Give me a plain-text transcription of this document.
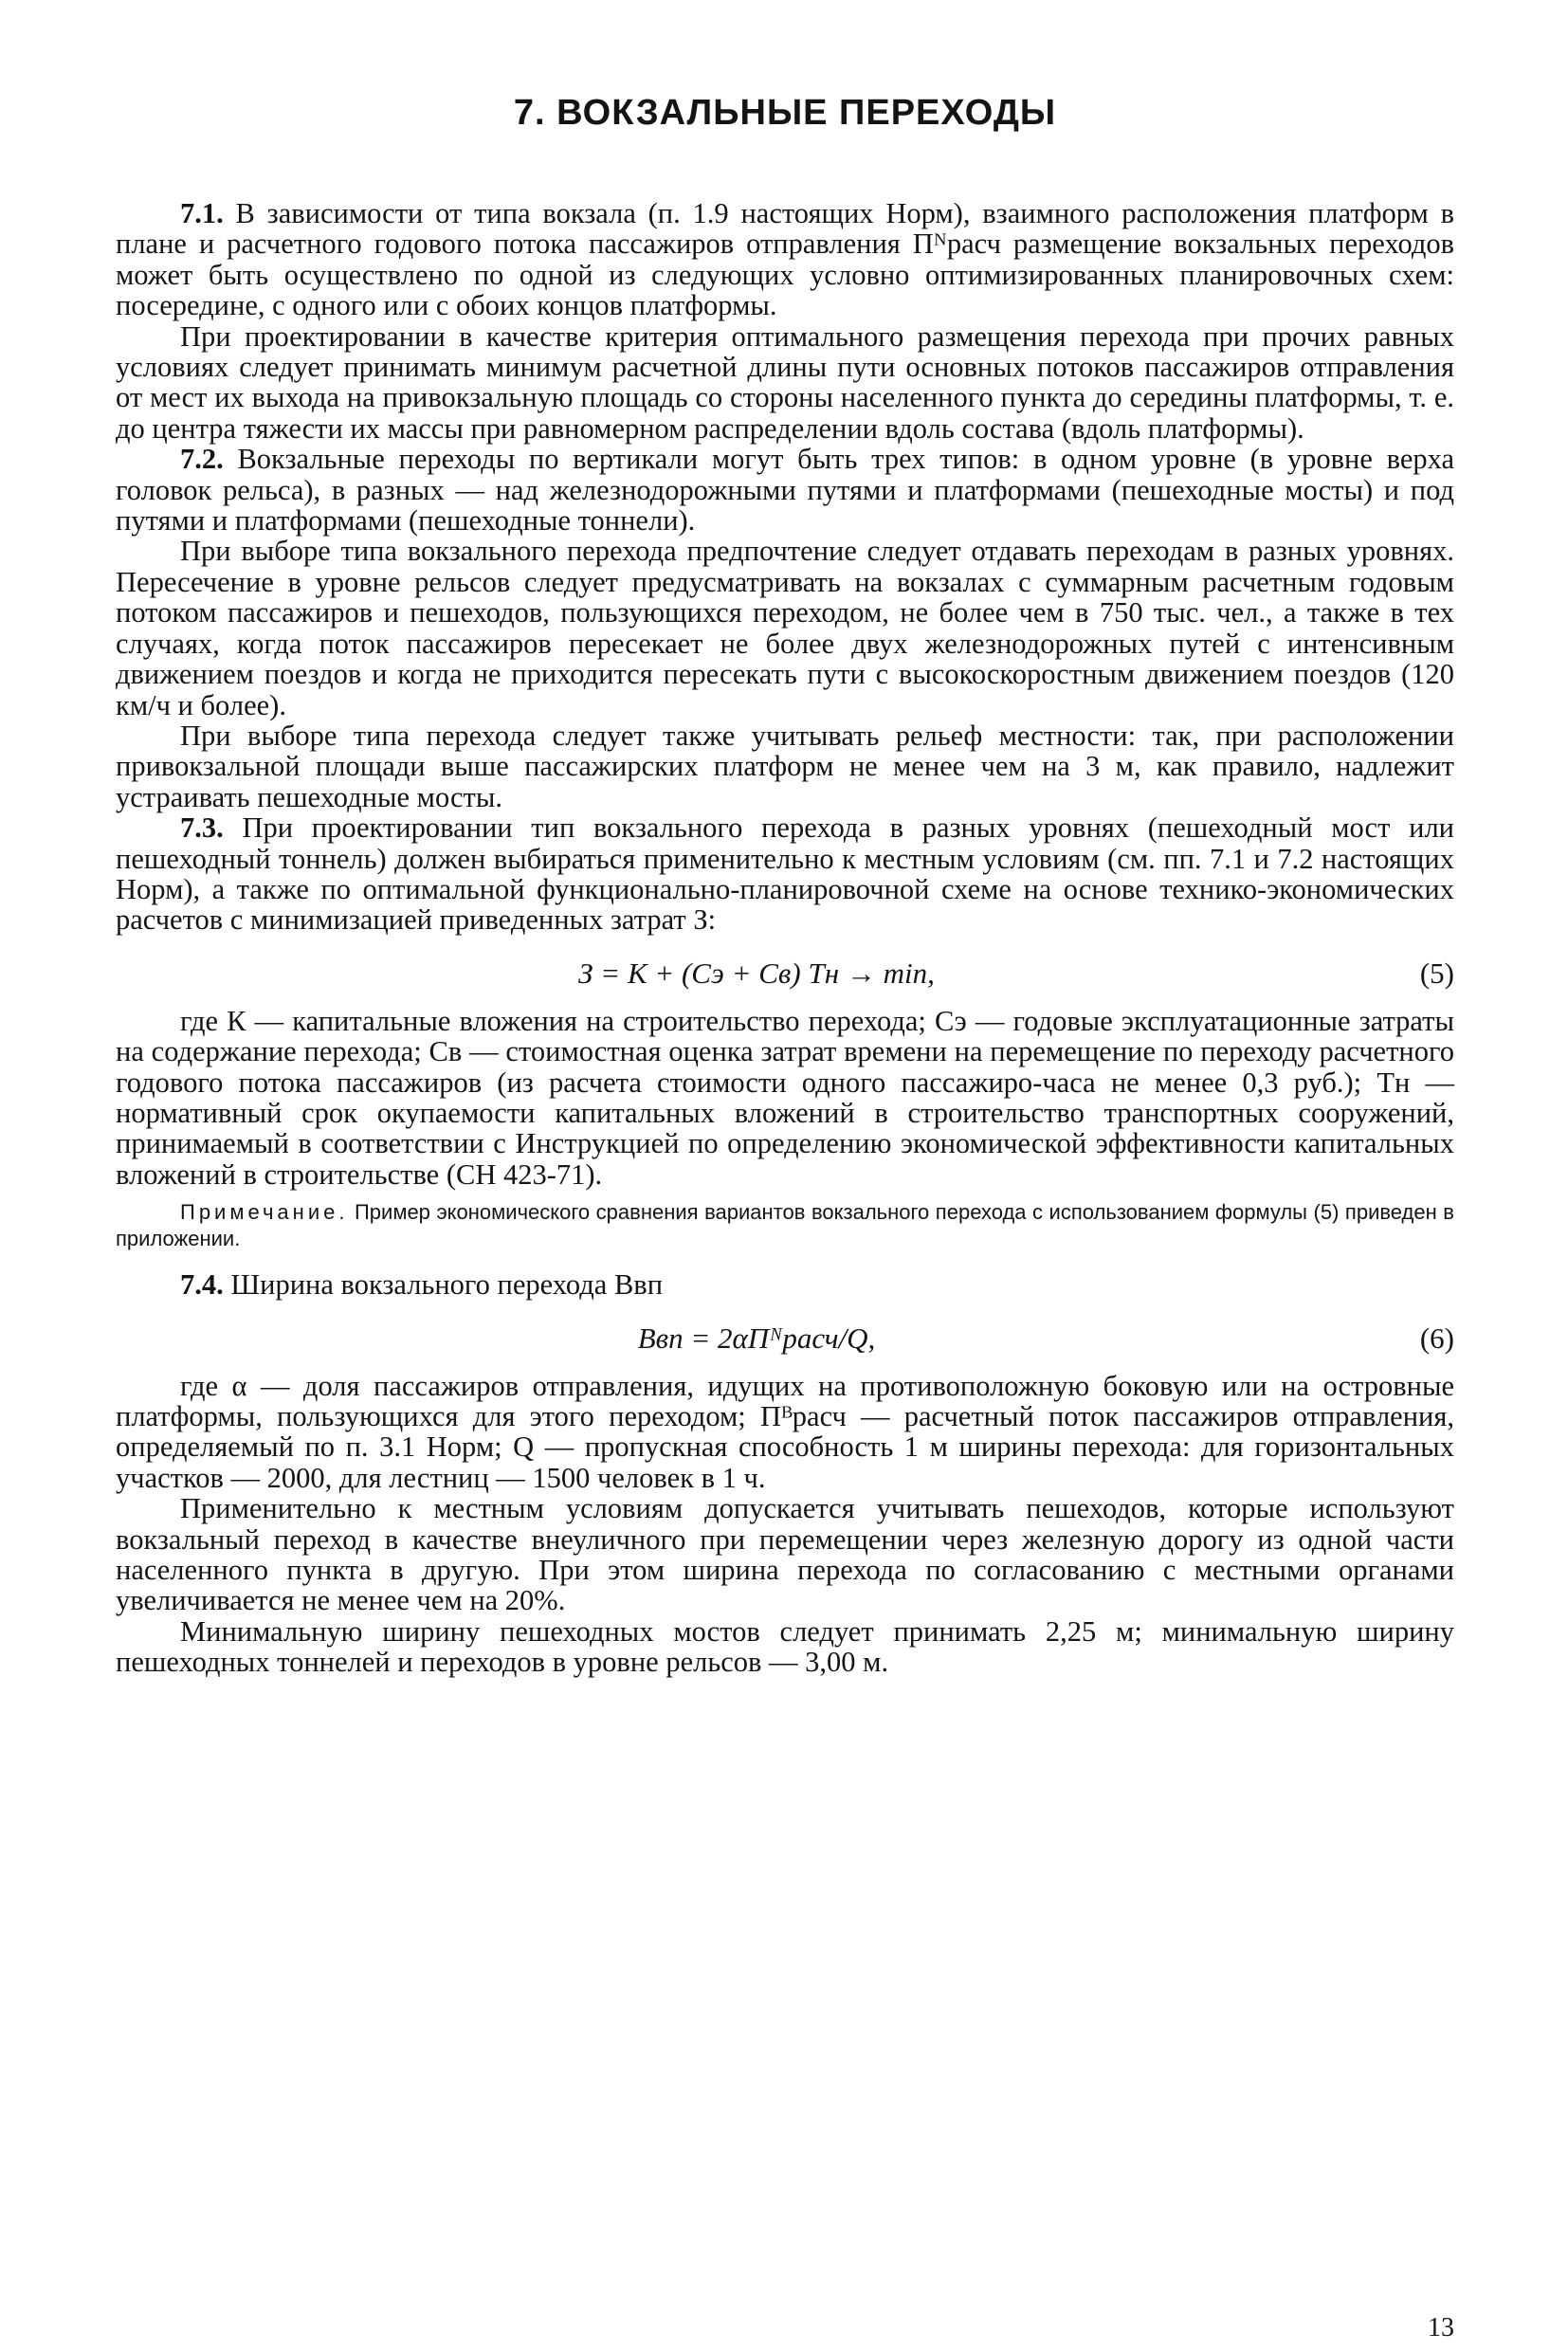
7. ВОКЗАЛЬНЫЕ ПЕРЕХОДЫ

7.1. В зависимости от типа вокзала (п. 1.9 настоящих Норм), взаимного расположения платформ в плане и расчетного годового потока пассажиров отправления Пᴺрасч размещение вокзальных переходов может быть осуществлено по одной из следующих условно оптимизированных планировочных схем: посередине, с одного или с обоих концов платформы.

При проектировании в качестве критерия оптимального размещения перехода при прочих равных условиях следует принимать минимум расчетной длины пути основных потоков пассажиров отправления от мест их выхода на привокзальную площадь со стороны населенного пункта до середины платформы, т. е. до центра тяжести их массы при равномерном распределении вдоль состава (вдоль платформы).

7.2. Вокзальные переходы по вертикали могут быть трех типов: в одном уровне (в уровне верха головок рельса), в разных — над железнодорожными путями и платформами (пешеходные мосты) и под путями и платформами (пешеходные тоннели).

При выборе типа вокзального перехода предпочтение следует отдавать переходам в разных уровнях. Пересечение в уровне рельсов следует предусматривать на вокзалах с суммарным расчетным годовым потоком пассажиров и пешеходов, пользующихся переходом, не более чем в 750 тыс. чел., а также в тех случаях, когда поток пассажиров пересекает не более двух железнодорожных путей с интенсивным движением поездов и когда не приходится пересекать пути с высокоскоростным движением поездов (120 км/ч и более).

При выборе типа перехода следует также учитывать рельеф местности: так, при расположении привокзальной площади выше пассажирских платформ не менее чем на 3 м, как правило, надлежит устраивать пешеходные мосты.

7.3. При проектировании тип вокзального перехода в разных уровнях (пешеходный мост или пешеходный тоннель) должен выбираться применительно к местным условиям (см. пп. 7.1 и 7.2 настоящих Норм), а также по оптимальной функционально-планировочной схеме на основе технико-экономических расчетов с минимизацией приведенных затрат З:

З = К + (Сэ + Св) Тн → min,	(5)

где К — капитальные вложения на строительство перехода; Сэ — годовые эксплуатационные затраты на содержание перехода; Св — стоимостная оценка затрат времени на перемещение по переходу расчетного годового потока пассажиров (из расчета стоимости одного пассажиро-часа не менее 0,3 руб.); Тн — нормативный срок окупаемости капитальных вложений в строительство транспортных сооружений, принимаемый в соответствии с Инструкцией по определению экономической эффективности капитальных вложений в строительстве (СН 423-71).

Примечание. Пример экономического сравнения вариантов вокзального перехода с использованием формулы (5) приведен в приложении.

7.4. Ширина вокзального перехода Bвп

Bвп = 2αПᴺрасч/Q,	(6)

где α — доля пассажиров отправления, идущих на противоположную боковую или на островные платформы, пользующихся для этого переходом; Пᴮрасч — расчетный поток пассажиров отправления, определяемый по п. 3.1 Норм; Q — пропускная способность 1 м ширины перехода: для горизонтальных участков — 2000, для лестниц — 1500 человек в 1 ч.

Применительно к местным условиям допускается учитывать пешеходов, которые используют вокзальный переход в качестве внеуличного при перемещении через железную дорогу из одной части населенного пункта в другую. При этом ширина перехода по согласованию с местными органами увеличивается не менее чем на 20%.

Минимальную ширину пешеходных мостов следует принимать 2,25 м; минимальную ширину пешеходных тоннелей и переходов в уровне рельсов — 3,00 м.

13
